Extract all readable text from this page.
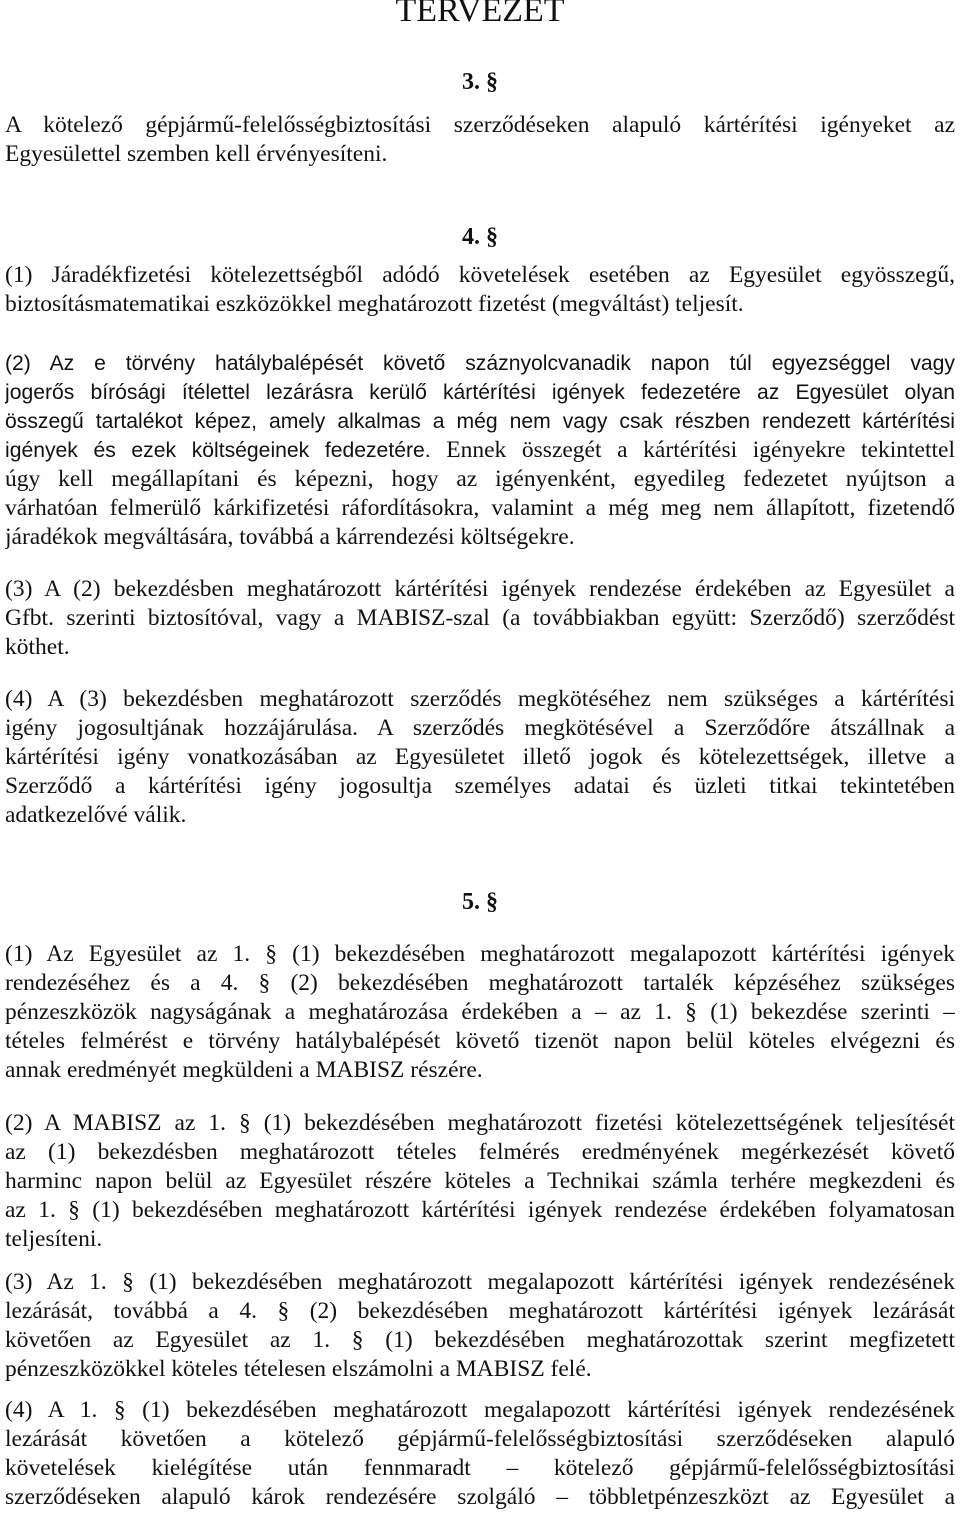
TERVEZET
3. §
A kötelező gépjármű-felelősségbiztosítási szerződéseken alapuló kártérítési igényeket az
Egyesülettel szemben kell érvényesíteni.
4. §
(1) Járadékfizetési kötelezettségből adódó követelések esetében az Egyesület egyösszegű,
biztosításmatematikai eszközökkel meghatározott fizetést (megváltást) teljesít.
(2) Az e törvény hatálybalépését követő száznyolcvanadik napon túl egyezséggel vagy
jogerős bírósági ítélettel lezárásra kerülő kártérítési igények fedezetére az Egyesület olyan
összegű tartalékot képez, amely alkalmas a még nem vagy csak részben rendezett kártérítési
igények és ezek költségeinek fedezetére. Ennek összegét a kártérítési igényekre tekintettel
úgy kell megállapítani és képezni, hogy az igényenként, egyedileg fedezetet nyújtson a
várhatóan felmerülő kárkifizetési ráfordításokra, valamint a még meg nem állapított, fizetendő
járadékok megváltására, továbbá a kárrendezési költségekre.
(3) A (2) bekezdésben meghatározott kártérítési igények rendezése érdekében az Egyesület a
Gfbt. szerinti biztosítóval, vagy a MABISZ-szal (a továbbiakban együtt: Szerződő) szerződést
köthet.
(4) A (3) bekezdésben meghatározott szerződés megkötéséhez nem szükséges a kártérítési
igény jogosultjának hozzájárulása. A szerződés megkötésével a Szerződőre átszállnak a
kártérítési igény vonatkozásában az Egyesületet illető jogok és kötelezettségek, illetve a
Szerződő a kártérítési igény jogosultja személyes adatai és üzleti titkai tekintetében
adatkezelővé válik.
5. §
(1) Az Egyesület az 1. § (1) bekezdésében meghatározott megalapozott kártérítési igények
rendezéséhez és a 4. § (2) bekezdésében meghatározott tartalék képzéséhez szükséges
pénzeszközök nagyságának a meghatározása érdekében a – az 1. § (1) bekezdése szerinti –
tételes felmérést e törvény hatálybalépését követő tizenöt napon belül köteles elvégezni és
annak eredményét megküldeni a MABISZ részére.
(2) A MABISZ az 1. § (1) bekezdésében meghatározott fizetési kötelezettségének teljesítését
az (1) bekezdésben meghatározott tételes felmérés eredményének megérkezését követő
harminc napon belül az Egyesület részére köteles a Technikai számla terhére megkezdeni és
az 1. § (1) bekezdésében meghatározott kártérítési igények rendezése érdekében folyamatosan
teljesíteni.
(3) Az 1. § (1) bekezdésében meghatározott megalapozott kártérítési igények rendezésének
lezárását, továbbá a 4. § (2) bekezdésében meghatározott kártérítési igények lezárását
követően az Egyesület az 1. § (1) bekezdésében meghatározottak szerint megfizetett
pénzeszközökkel köteles tételesen elszámolni a MABISZ felé.
(4) A 1. § (1) bekezdésében meghatározott megalapozott kártérítési igények rendezésének
lezárását követően a kötelező gépjármű-felelősségbiztosítási szerződéseken alapuló
követelések kielégítése után fennmaradt – kötelező gépjármű-felelősségbiztosítási
szerződéseken alapuló károk rendezésére szolgáló – többletpénzeszközt az Egyesület a
